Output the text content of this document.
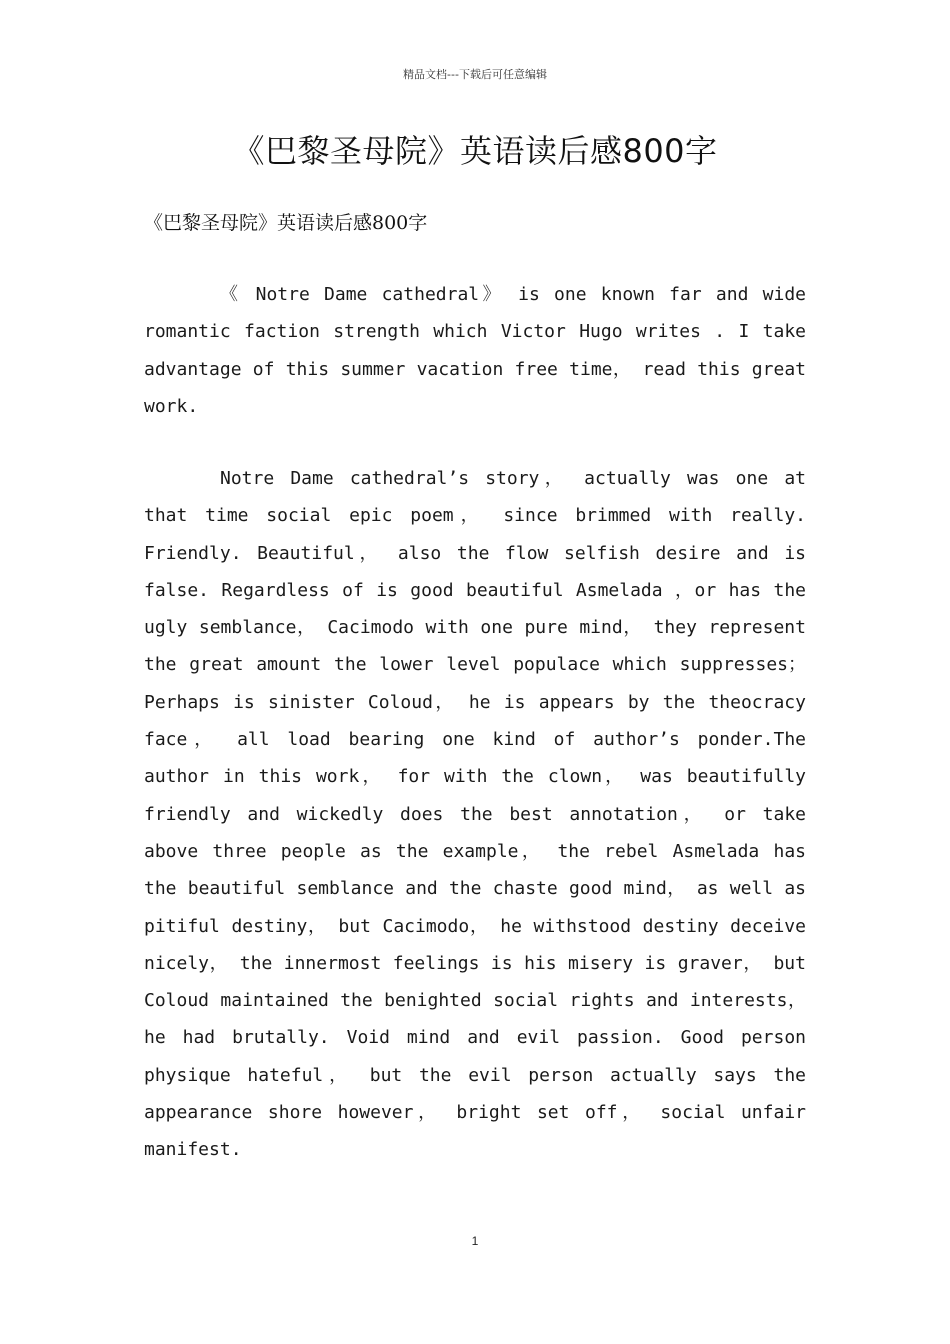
精品文档---下载后可任意编辑
《巴黎圣母院》英语读后感800字
《巴黎圣母院》英语读后感800字

《 Notre Dame cathedral》 is one known far and wide romantic faction strength which Victor Hugo writes . I take advantage of this summer vacation free time， read this great work.

Notre Dame cathedral’s story， actually was one at that time social epic poem， since brimmed with really. Friendly. Beautiful， also the flow selfish desire and is false. Regardless of is good beautiful Asmelada ，or has the ugly semblance， Cacimodo with one pure mind， they represent the great amount the lower level populace which suppresses； Perhaps is sinister Coloud， he is appears by the theocracy face， all load bearing one kind of author’s ponder.The author in this work， for with the clown， was beautifully friendly and wickedly does the best annotation， or take above three people as the example， the rebel Asmelada has the beautiful semblance and the chaste good mind， as well as pitiful destiny， but Cacimodo， he withstood destiny deceive nicely， the innermost feelings is his misery is graver， but Coloud maintained the benighted social rights and interests， he had brutally. Void mind and evil passion. Good person physique hateful， but the evil person actually says the appearance shore however， bright set off， social unfair manifest.

1
